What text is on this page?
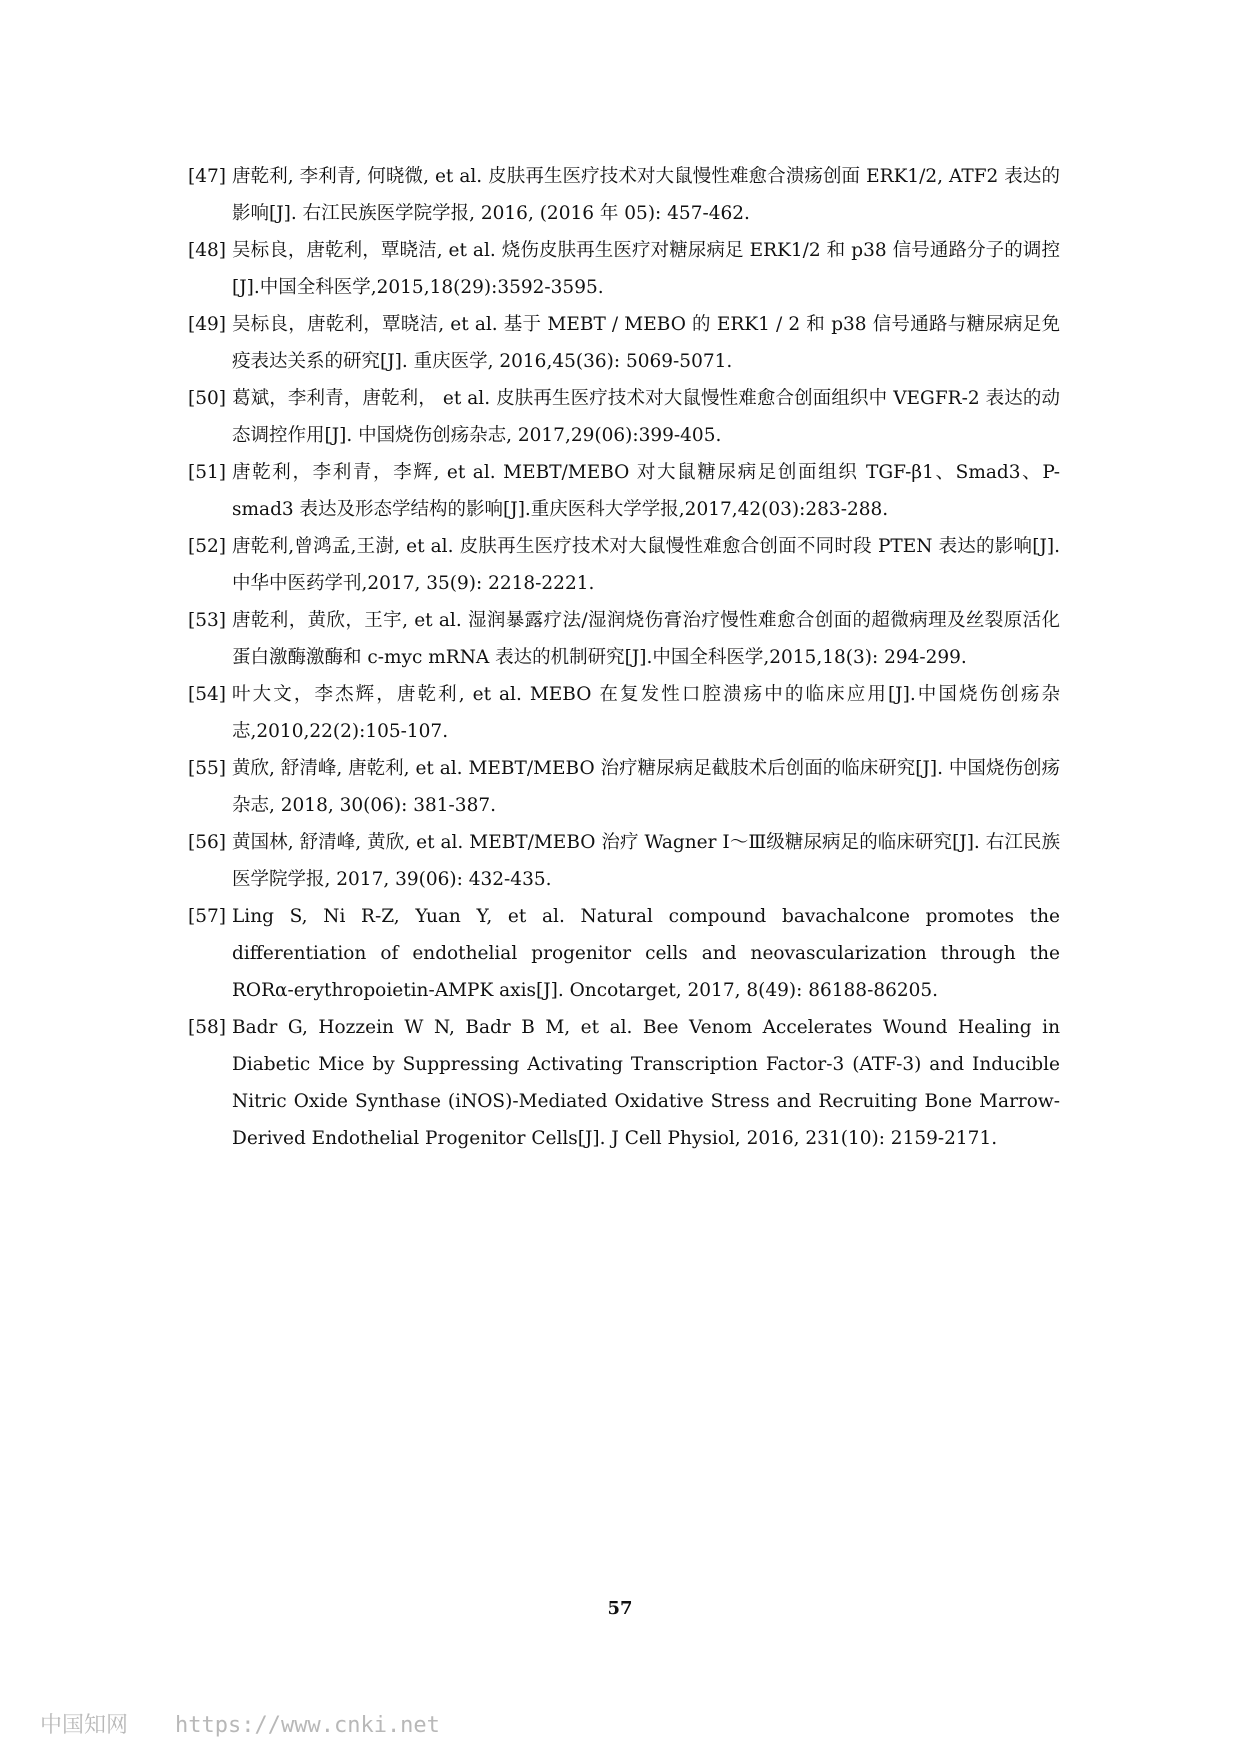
[47] 唐乾利, 李利青, 何晓微, et al. 皮肤再生医疗技术对大鼠慢性难愈合溃疡创面 ERK1/2, ATF2 表达的影响[J]. 右江民族医学院学报, 2016, (2016 年 05): 457-462.
[48] 吴标良，唐乾利，覃晓洁, et al. 烧伤皮肤再生医疗对糖尿病足 ERK1/2 和 p38 信号通路分子的调控[J].中国全科医学,2015,18(29):3592-3595.
[49] 吴标良，唐乾利，覃晓洁, et al. 基于 MEBT / MEBO 的 ERK1 / 2 和 p38 信号通路与糖尿病足免疫表达关系的研究[J]. 重庆医学, 2016,45(36): 5069-5071.
[50] 葛斌，李利青，唐乾利， et al. 皮肤再生医疗技术对大鼠慢性难愈合创面组织中 VEGFR-2 表达的动态调控作用[J]. 中国烧伤创疡杂志, 2017,29(06):399-405.
[51] 唐乾利，李利青，李辉, et al. MEBT/MEBO 对大鼠糖尿病足创面组织 TGF-β1、Smad3、P-smad3 表达及形态学结构的影响[J].重庆医科大学学报,2017,42(03):283-288.
[52] 唐乾利,曾鸿孟,王澍, et al. 皮肤再生医疗技术对大鼠慢性难愈合创面不同时段 PTEN 表达的影响[J].中华中医药学刊,2017, 35(9): 2218-2221.
[53] 唐乾利，黄欣，王宇, et al. 湿润暴露疗法/湿润烧伤膏治疗慢性难愈合创面的超微病理及丝裂原活化蛋白激酶激酶和 c-myc mRNA 表达的机制研究[J].中国全科医学,2015,18(3): 294-299.
[54] 叶大文，李杰辉，唐乾利, et al. MEBO 在复发性口腔溃疡中的临床应用[J].中国烧伤创疡杂志,2010,22(2):105-107.
[55] 黄欣, 舒清峰, 唐乾利, et al. MEBT/MEBO 治疗糖尿病足截肢术后创面的临床研究[J]. 中国烧伤创疡杂志, 2018, 30(06): 381-387.
[56] 黄国林, 舒清峰, 黄欣, et al. MEBT/MEBO 治疗 Wagner Ⅰ～Ⅲ级糖尿病足的临床研究[J]. 右江民族医学院学报, 2017, 39(06): 432-435.
[57] Ling S, Ni R-Z, Yuan Y, et al. Natural compound bavachalcone promotes the differentiation of endothelial progenitor cells and neovascularization through the RORα-erythropoietin-AMPK axis[J]. Oncotarget, 2017, 8(49): 86188-86205.
[58] Badr G, Hozzein W N, Badr B M, et al. Bee Venom Accelerates Wound Healing in Diabetic Mice by Suppressing Activating Transcription Factor-3 (ATF-3) and Inducible Nitric Oxide Synthase (iNOS)-Mediated Oxidative Stress and Recruiting Bone Marrow-Derived Endothelial Progenitor Cells[J]. J Cell Physiol, 2016, 231(10): 2159-2171.
57
中国知网 https://www.cnki.net
